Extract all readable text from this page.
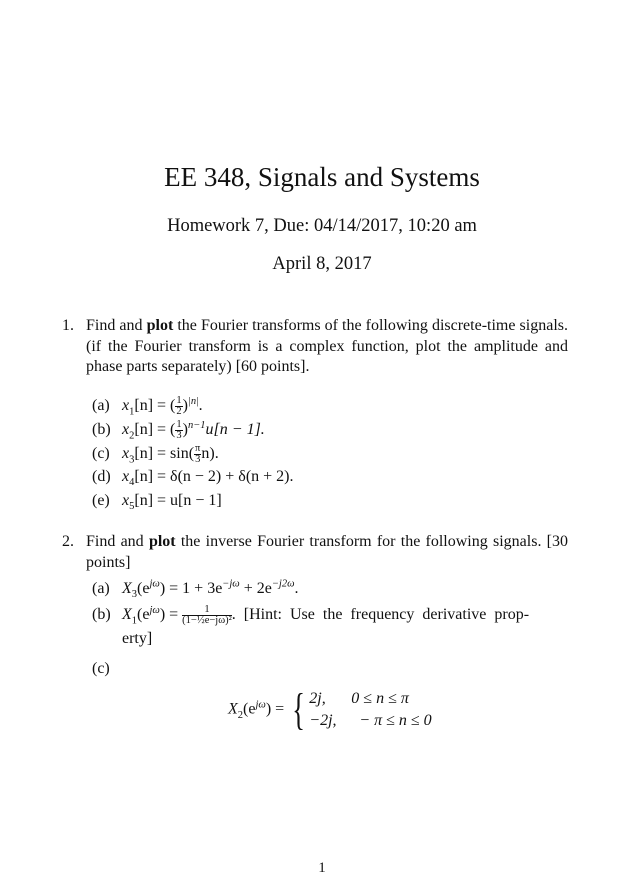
EE 348, Signals and Systems
Homework 7, Due: 04/14/2017, 10:20 am
April 8, 2017
1. Find and plot the Fourier transforms of the following discrete-time signals. (if the Fourier transform is a complex function, plot the amplitude and phase parts separately) [60 points].
(a) $x_1[n]$ = ( $\frac{1}{2} )^{|n|}$.
(b) $x_2[n]$ = ( $\frac{1}{3} )^{n-1}u[n - 1]$.
(c) $x_3[n] = \sin( \frac{\pi}{3} n)$.
(d) $x_4[n] = \delta(n - 2) + \delta(n + 2)$.
(e) $x_5[n] = u[n - 1]$
2. Find and plot the inverse Fourier transform for the following signals. [30 points]
(a) $X_3(e^{j\omega}) = 1 + 3e^{-j\omega} + 2e^{-j2\omega}$.
(b) $X_1(e^{j\omega}) = \frac{1}{\text{(1−½e−jω)²}}$ . [Hint: Use the frequency derivative prop-
erty]
(c)
$X_2(e^{j\omega})$ = { 2j, 0 ≤ n ≤ π
−2j, − π ≤ n ≤ 0
1
